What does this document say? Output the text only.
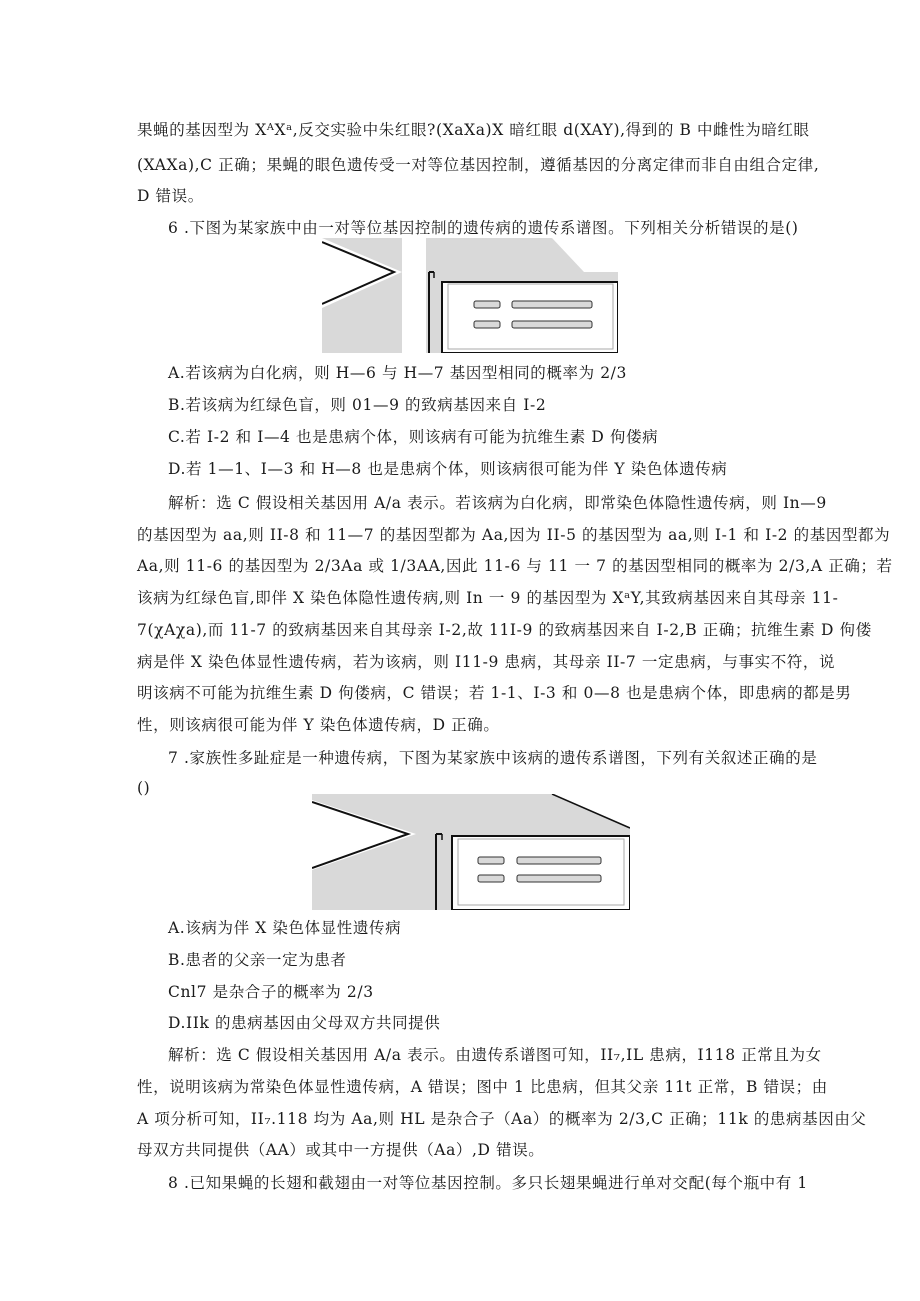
果蝇的基因型为 XᴬXᵃ,反交实验中朱红眼?(XaXa)X 暗红眼 d(XAY),得到的 B 中雌性为暗红眼
(XAXa),C 正确；果蝇的眼色遗传受一对等位基因控制，遵循基因的分离定律而非自由组合定律,
D 错误。
6 .下图为某家族中由一对等位基因控制的遗传病的遗传系谱图。下列相关分析错误的是()
A.若该病为白化病，则 H—6 与 H—7 基因型相同的概率为 2/3
B.若该病为红绿色盲，则 01—9 的致病基因来自 I-2
C.若 I-2 和 I—4 也是患病个体，则该病有可能为抗维生素 D 佝偻病
D.若 1—1、I—3 和 H—8 也是患病个体，则该病很可能为伴 Y 染色体遗传病
解析：选 C 假设相关基因用 A/a 表示。若该病为白化病，即常染色体隐性遗传病，则 In—9
的基因型为 aa,则 II-8 和 11—7 的基因型都为 Aa,因为 II-5 的基因型为 aa,则 I-1 和 I-2 的基因型都为
Aa,则 11-6 的基因型为 2/3Aa 或 1/3AA,因此 11-6 与 11 一 7 的基因型相同的概率为 2/3,A 正确；若
该病为红绿色盲,即伴 X 染色体隐性遗传病,则 In 一 9 的基因型为 XᵃY,其致病基因来自其母亲 11-
7(χAχa),而 11-7 的致病基因来自其母亲 I-2,故 11I-9 的致病基因来自 I-2,B 正确；抗维生素 D 佝偻
病是伴 X 染色体显性遗传病，若为该病，则 I11-9 患病，其母亲 II-7 一定患病，与事实不符，说
明该病不可能为抗维生素 D 佝偻病，C 错误；若 1-1、I-3 和 0—8 也是患病个体，即患病的都是男
性，则该病很可能为伴 Y 染色体遗传病，D 正确。
7 .家族性多趾症是一种遗传病，下图为某家族中该病的遗传系谱图，下列有关叙述正确的是
()
A.该病为伴 X 染色体显性遗传病
B.患者的父亲一定为患者
Cnl7 是杂合子的概率为 2/3
D.IIk 的患病基因由父母双方共同提供
解析：选 C 假设相关基因用 A/a 表示。由遗传系谱图可知，II₇,IL 患病，I118 正常且为女
性，说明该病为常染色体显性遗传病，A 错误；图中 1 比患病，但其父亲 11t 正常，B 错误；由
A 项分析可知，II₇.118 均为 Aa,则 HL 是杂合子（Aa）的概率为 2/3,C 正确；11k 的患病基因由父
母双方共同提供（AA）或其中一方提供（Aa）,D 错误。
8 .已知果蝇的长翅和截翅由一对等位基因控制。多只长翅果蝇进行单对交配(每个瓶中有 1
